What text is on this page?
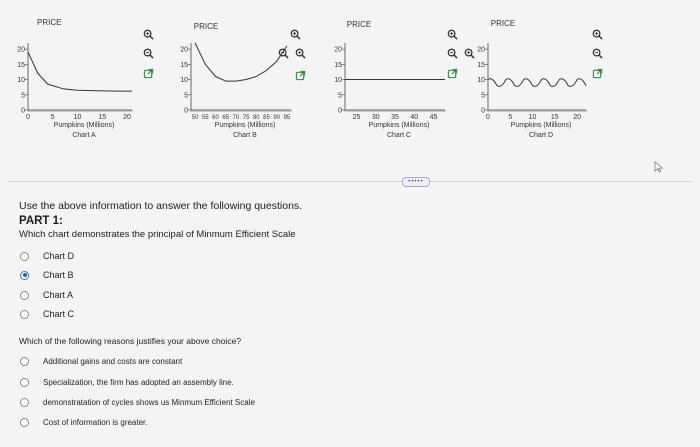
PRICE
20
15
10
5
0
0	5	10 15 20
Pumpkins (Millions)
Chart A
PRICE
20
15
10
5
0
50 55 60 65 70 75 80 85 90 95
Pumpkins (Millions)
Chart B
PRICE
20
15
10
5
0
25 30 35 40 45
Pumpkins (Millions)
Chart C
PRICE
20
15
10
5
0
0	5 10 15 20
Pumpkins (Millions)
Chart D
•••••
Use the above information to answer the following questions.
PART 1:
Which chart demonstrates the principal of Minmum Efficient Scale
Chart D
Chart B
Chart A
Chart C
Which of the following reasons justifies your above choice?
Additional gains and costs are constant
Specialization, the firm has adopted an assembly line.
demonstratation of cycles shows us Minmum Efficient Scale
Cost of information is greater.
